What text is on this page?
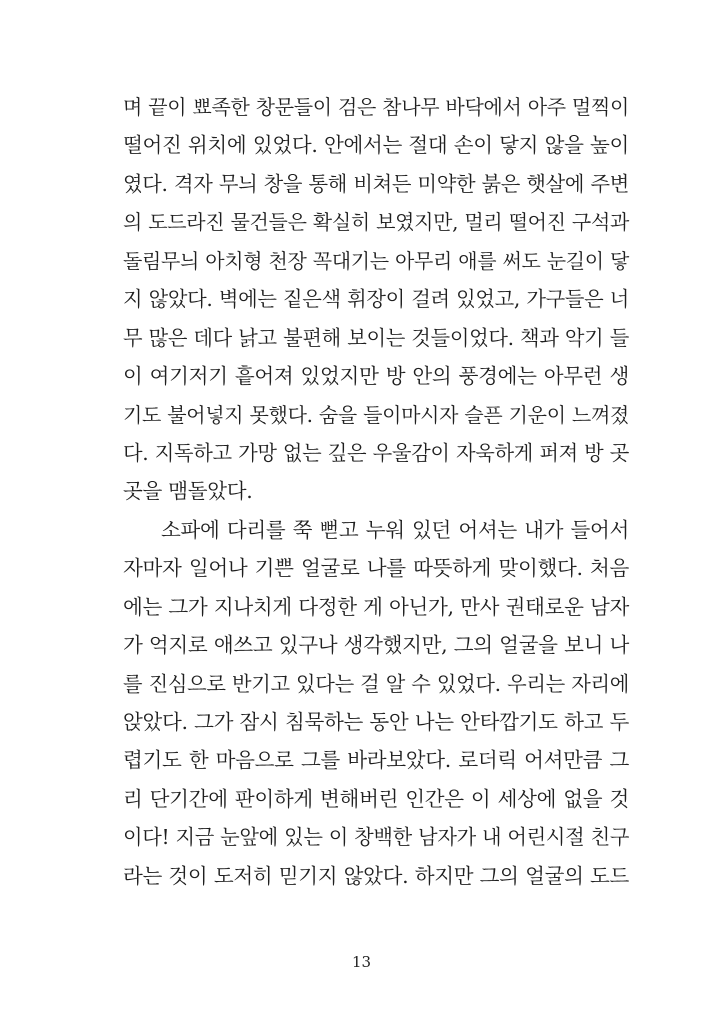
며 끝이 뾰족한 창문들이 검은 참나무 바닥에서 아주 멀찍이
떨어진 위치에 있었다. 안에서는 절대 손이 닿지 않을 높이
였다. 격자 무늬 창을 통해 비쳐든 미약한 붉은 햇살에 주변
의 도드라진 물건들은 확실히 보였지만, 멀리 떨어진 구석과
돌림무늬 아치형 천장 꼭대기는 아무리 애를 써도 눈길이 닿
지 않았다. 벽에는 짙은색 휘장이 걸려 있었고, 가구들은 너
무 많은 데다 낡고 불편해 보이는 것들이었다. 책과 악기 들
이 여기저기 흩어져 있었지만 방 안의 풍경에는 아무런 생
기도 불어넣지 못했다. 숨을 들이마시자 슬픈 기운이 느껴졌
다. 지독하고 가망 없는 깊은 우울감이 자욱하게 퍼져 방 곳
곳을 맴돌았다.
소파에 다리를 쭉 뻗고 누워 있던 어셔는 내가 들어서
자마자 일어나 기쁜 얼굴로 나를 따뜻하게 맞이했다. 처음
에는 그가 지나치게 다정한 게 아닌가, 만사 권태로운 남자
가 억지로 애쓰고 있구나 생각했지만, 그의 얼굴을 보니 나
를 진심으로 반기고 있다는 걸 알 수 있었다. 우리는 자리에
앉았다. 그가 잠시 침묵하는 동안 나는 안타깝기도 하고 두
렵기도 한 마음으로 그를 바라보았다. 로더릭 어셔만큼 그
리 단기간에 판이하게 변해버린 인간은 이 세상에 없을 것
이다! 지금 눈앞에 있는 이 창백한 남자가 내 어린시절 친구
라는 것이 도저히 믿기지 않았다. 하지만 그의 얼굴의 도드
13
